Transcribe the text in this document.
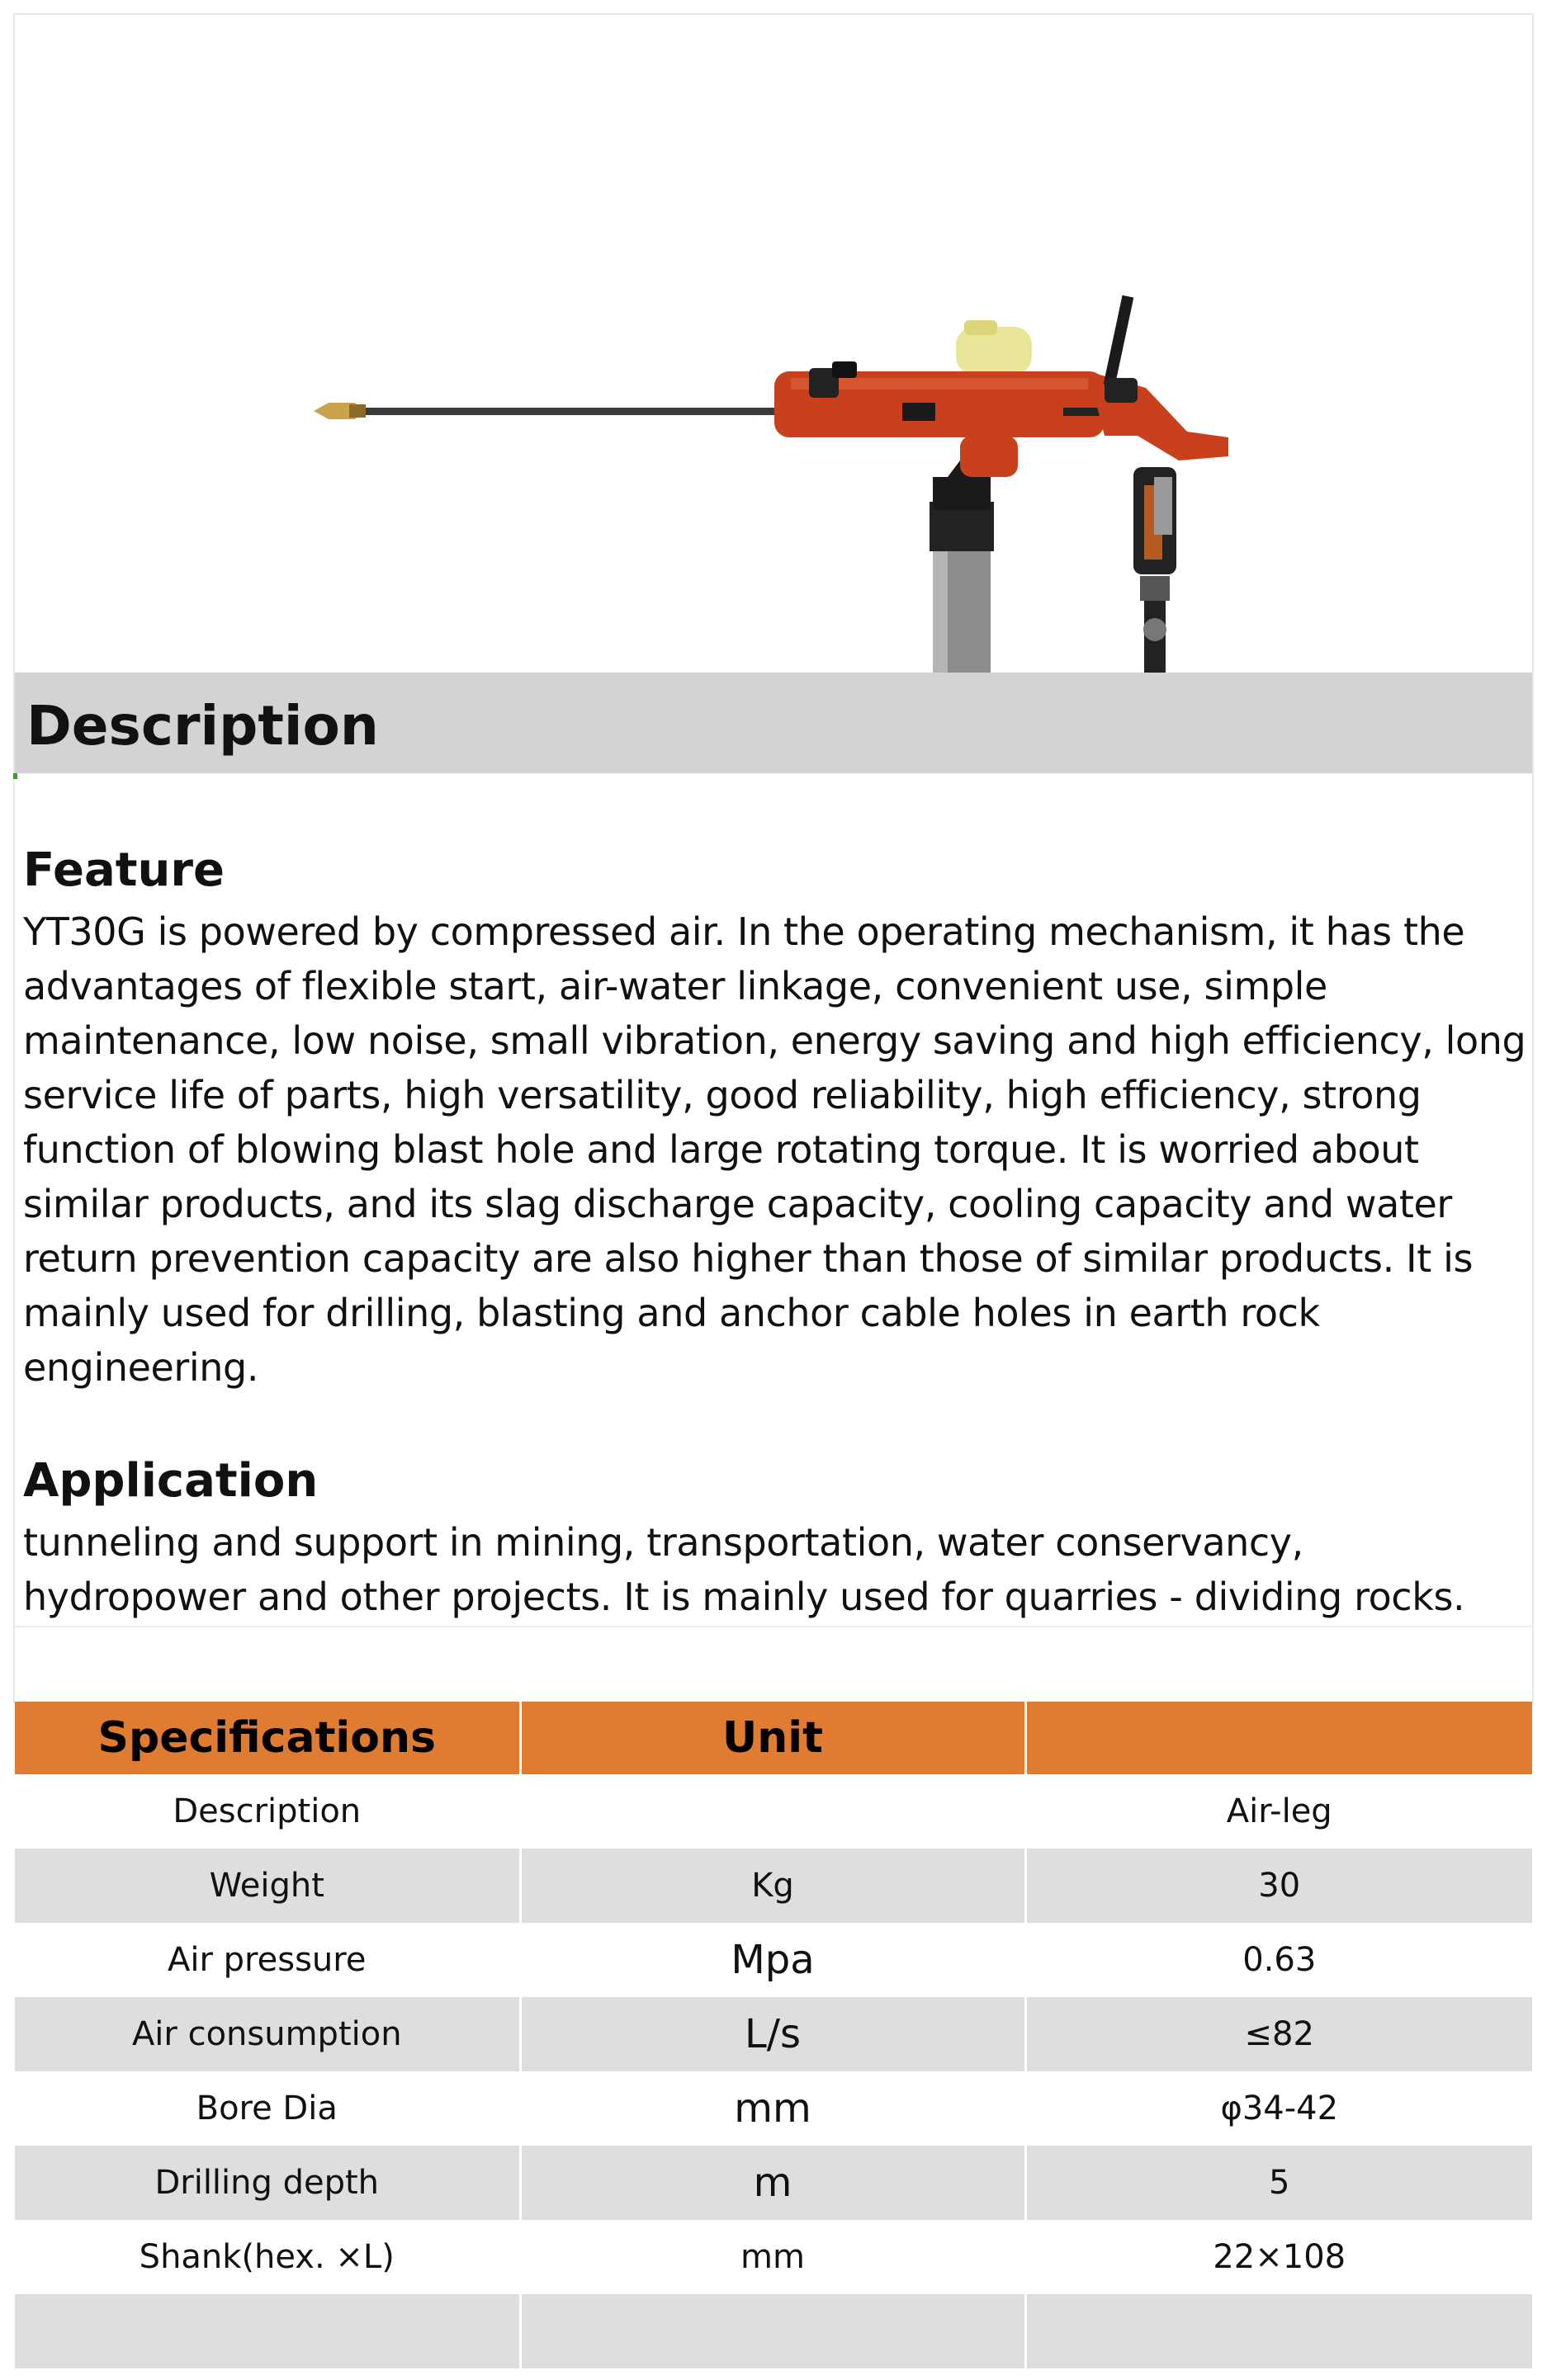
Description
Feature

YT30G is powered by compressed air. In the operating mechanism, it has the advantages of flexible start, air-water linkage, convenient use, simple maintenance, low noise, small vibration, energy saving and high efficiency, long service life of parts, high versatility, good reliability, high efficiency, strong function of blowing blast hole and large rotating torque. It is worried about similar products, and its slag discharge capacity, cooling capacity and water return prevention capacity are also higher than those of similar products. It is mainly used for drilling, blasting and anchor cable holes in earth rock engineering.

Application

tunneling and support in mining, transportation, water conservancy, hydropower and other projects. It is mainly used for quarries - dividing rocks.

Specifications	Unit	
Description		Air-leg
Weight	Kg	30
Air pressure	Mpa	0.63
Air consumption	L/s	≤82
Bore Dia	mm	φ34-42
Drilling depth	m	5
Shank(hex. ×L)	mm	22×108
